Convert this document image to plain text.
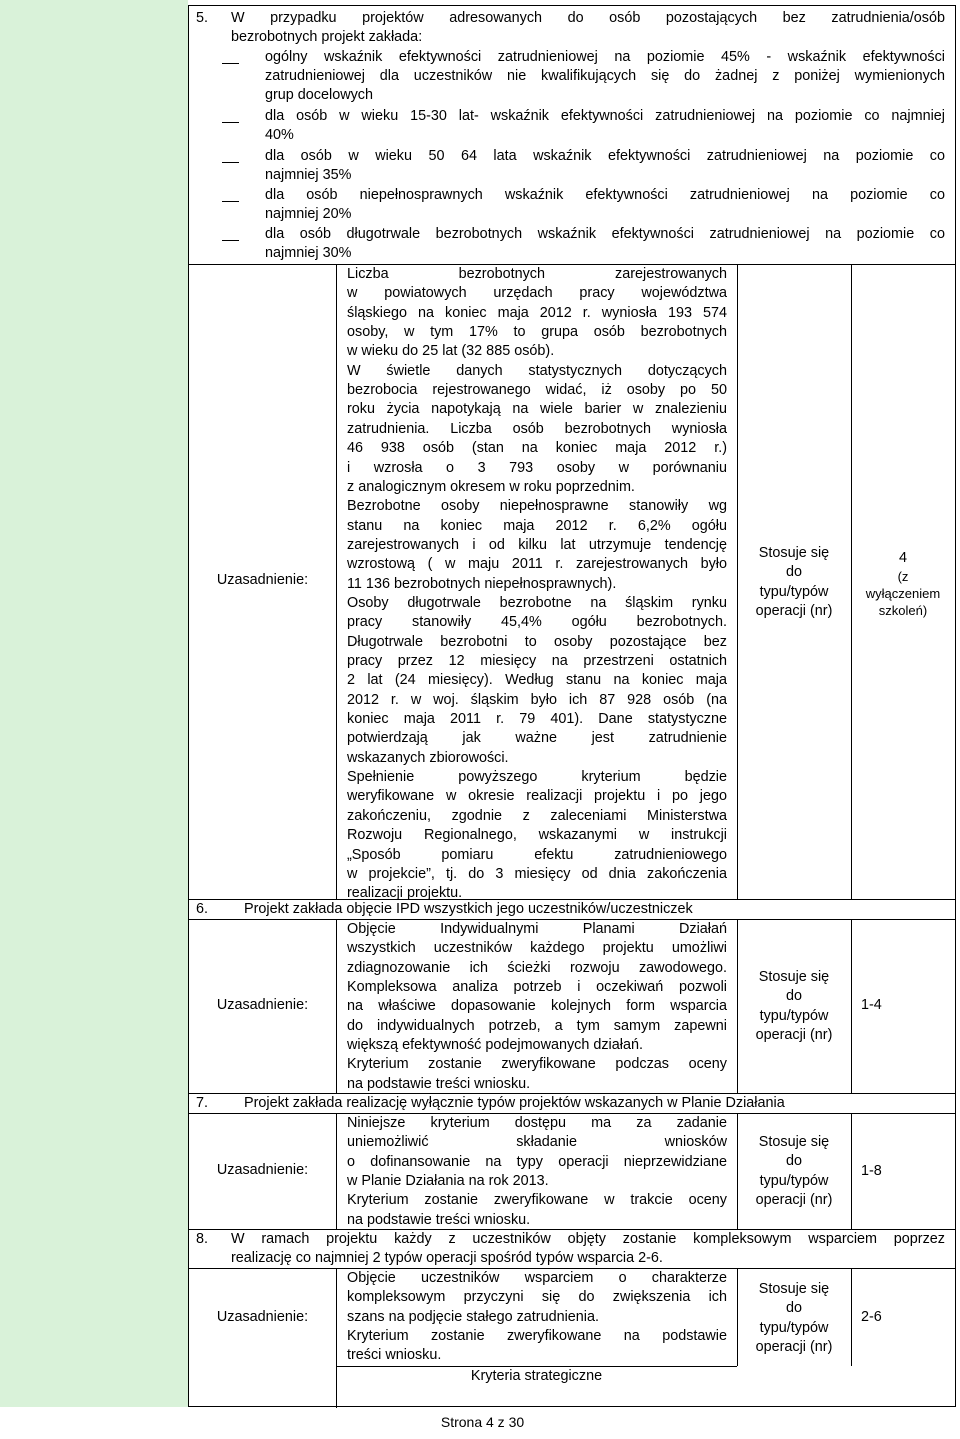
5. W przypadku projektów adresowanych do osób pozostających bez zatrudnienia/osób
bezrobotnych projekt zakłada:
ogólny wskaźnik efektywności zatrudnieniowej na poziomie 45% - wskaźnik efektywności
zatrudnieniowej dla uczestników nie kwalifikujących się do żadnej z poniżej wymienionych
grup docelowych
dla osób w wieku 15-30 lat- wskaźnik efektywności zatrudnieniowej na poziomie co najmniej
40%
dla osób w wieku 50 64 lata wskaźnik efektywności zatrudnieniowej na poziomie co
najmniej 35%
dla osób niepełnosprawnych wskaźnik efektywności zatrudnieniowej na poziomie co
najmniej 20%
dla osób długotrwale bezrobotnych wskaźnik efektywności zatrudnieniowej na poziomie co
najmniej 30%
Uzasadnienie:
Liczba bezrobotnych zarejestrowanych
w powiatowych urzędach pracy województwa
śląskiego na koniec maja 2012 r. wyniosła 193 574
osoby, w tym 17% to grupa osób bezrobotnych
w wieku do 25 lat (32 885 osób).
W świetle danych statystycznych dotyczących
bezrobocia rejestrowanego widać, iż osoby po 50
roku życia napotykają na wiele barier w znalezieniu
zatrudnienia. Liczba osób bezrobotnych wyniosła
46 938 osób (stan na koniec maja 2012 r.)
i wzrosła o 3 793 osoby w porównaniu
z analogicznym okresem w roku poprzednim.
Bezrobotne osoby niepełnosprawne stanowiły wg
stanu na koniec maja 2012 r. 6,2% ogółu
zarejestrowanych i od kilku lat utrzymuje tendencję
wzrostową ( w maju 2011 r. zarejestrowanych było
11 136 bezrobotnych niepełnosprawnych).
Osoby długotrwale bezrobotne na śląskim rynku
pracy stanowiły 45,4% ogółu bezrobotnych.
Długotrwale bezrobotni to osoby pozostające bez
pracy przez 12 miesięcy na przestrzeni ostatnich
2 lat (24 miesięcy). Według stanu na koniec maja
2012 r. w woj. śląskim było ich 87 928 osób (na
koniec maja 2011 r. 79 401). Dane statystyczne
potwierdzają jak ważne jest zatrudnienie
wskazanych zbiorowości.
Spełnienie powyższego kryterium będzie
weryfikowane w okresie realizacji projektu i po jego
zakończeniu, zgodnie z zaleceniami Ministerstwa
Rozwoju Regionalnego, wskazanymi w instrukcji
„Sposób pomiaru efektu zatrudnieniowego
w projekcie”, tj. do 3 miesięcy od dnia zakończenia
realizacji projektu.
Stosuje się
do
typu/typów
operacji (nr)
4
(z
wyłączeniem
szkoleń)
6. Projekt zakłada objęcie IPD wszystkich jego uczestników/uczestniczek
Uzasadnienie:
Objęcie Indywidualnymi Planami Działań
wszystkich uczestników każdego projektu umożliwi
zdiagnozowanie ich ścieżki rozwoju zawodowego.
Kompleksowa analiza potrzeb i oczekiwań pozwoli
na właściwe dopasowanie kolejnych form wsparcia
do indywidualnych potrzeb, a tym samym zapewni
większą efektywność podejmowanych działań.
Kryterium zostanie zweryfikowane podczas oceny
na podstawie treści wniosku.
Stosuje się
do
typu/typów
operacji (nr)
1-4
7. Projekt zakłada realizację wyłącznie typów projektów wskazanych w Planie Działania
Uzasadnienie:
Niniejsze kryterium dostępu ma za zadanie
uniemożliwić składanie wniosków
o dofinansowanie na typy operacji nieprzewidziane
w Planie Działania na rok 2013.
Kryterium zostanie zweryfikowane w trakcie oceny
na podstawie treści wniosku.
Stosuje się
do
typu/typów
operacji (nr)
1-8
8. W ramach projektu każdy z uczestników objęty zostanie kompleksowym wsparciem poprzez
realizację co najmniej 2 typów operacji spośród typów wsparcia 2-6.
Uzasadnienie:
Objęcie uczestników wsparciem o charakterze
kompleksowym przyczyni się do zwiększenia ich
szans na podjęcie stałego zatrudnienia.
Kryterium zostanie zweryfikowane na podstawie
treści wniosku.
Stosuje się
do
typu/typów
operacji (nr)
2-6
Kryteria strategiczne
Strona 4 z 30
